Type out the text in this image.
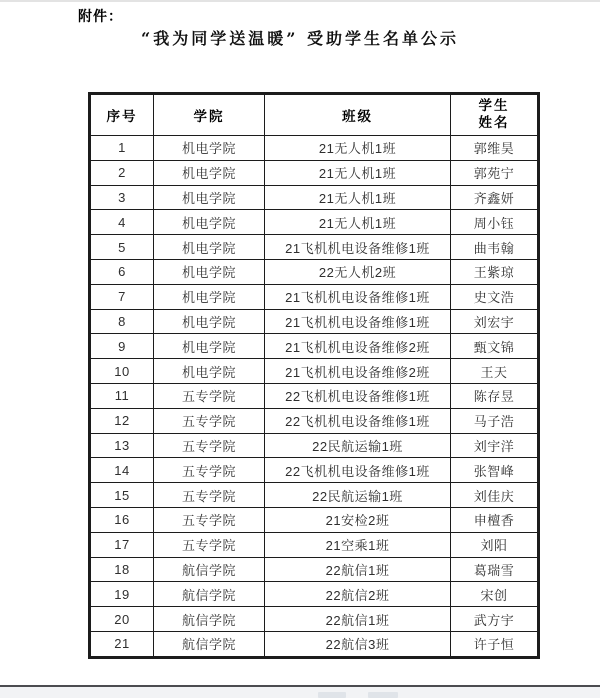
附件：
“我为同学送温暖” 受助学生名单公示
序号	学院	班级	学生
姓名

1	机电学院	21无人机1班	郭维昊
2	机电学院	21无人机1班	郭苑宁
3	机电学院	21无人机1班	齐鑫妍
4	机电学院	21无人机1班	周小钰
5	机电学院	21飞机机电设备维修1班	曲韦翰
6	机电学院	22无人机2班	王紫琼
7	机电学院	21飞机机电设备维修1班	史文浩
8	机电学院	21飞机机电设备维修1班	刘宏宇
9	机电学院	21飞机机电设备维修2班	甄文锦
10	机电学院	21飞机机电设备维修2班	王天
11	五专学院	22飞机机电设备维修1班	陈存昱
12	五专学院	22飞机机电设备维修1班	马子浩
13	五专学院	22民航运输1班	刘宇洋
14	五专学院	22飞机机电设备维修1班	张智峰
15	五专学院	22民航运输1班	刘佳庆
16	五专学院	21安检2班	申檀香
17	五专学院	21空乘1班	刘阳
18	航信学院	22航信1班	葛瑞雪
19	航信学院	22航信2班	宋创
20	航信学院	22航信1班	武方宇
21	航信学院	22航信3班	许子恒
